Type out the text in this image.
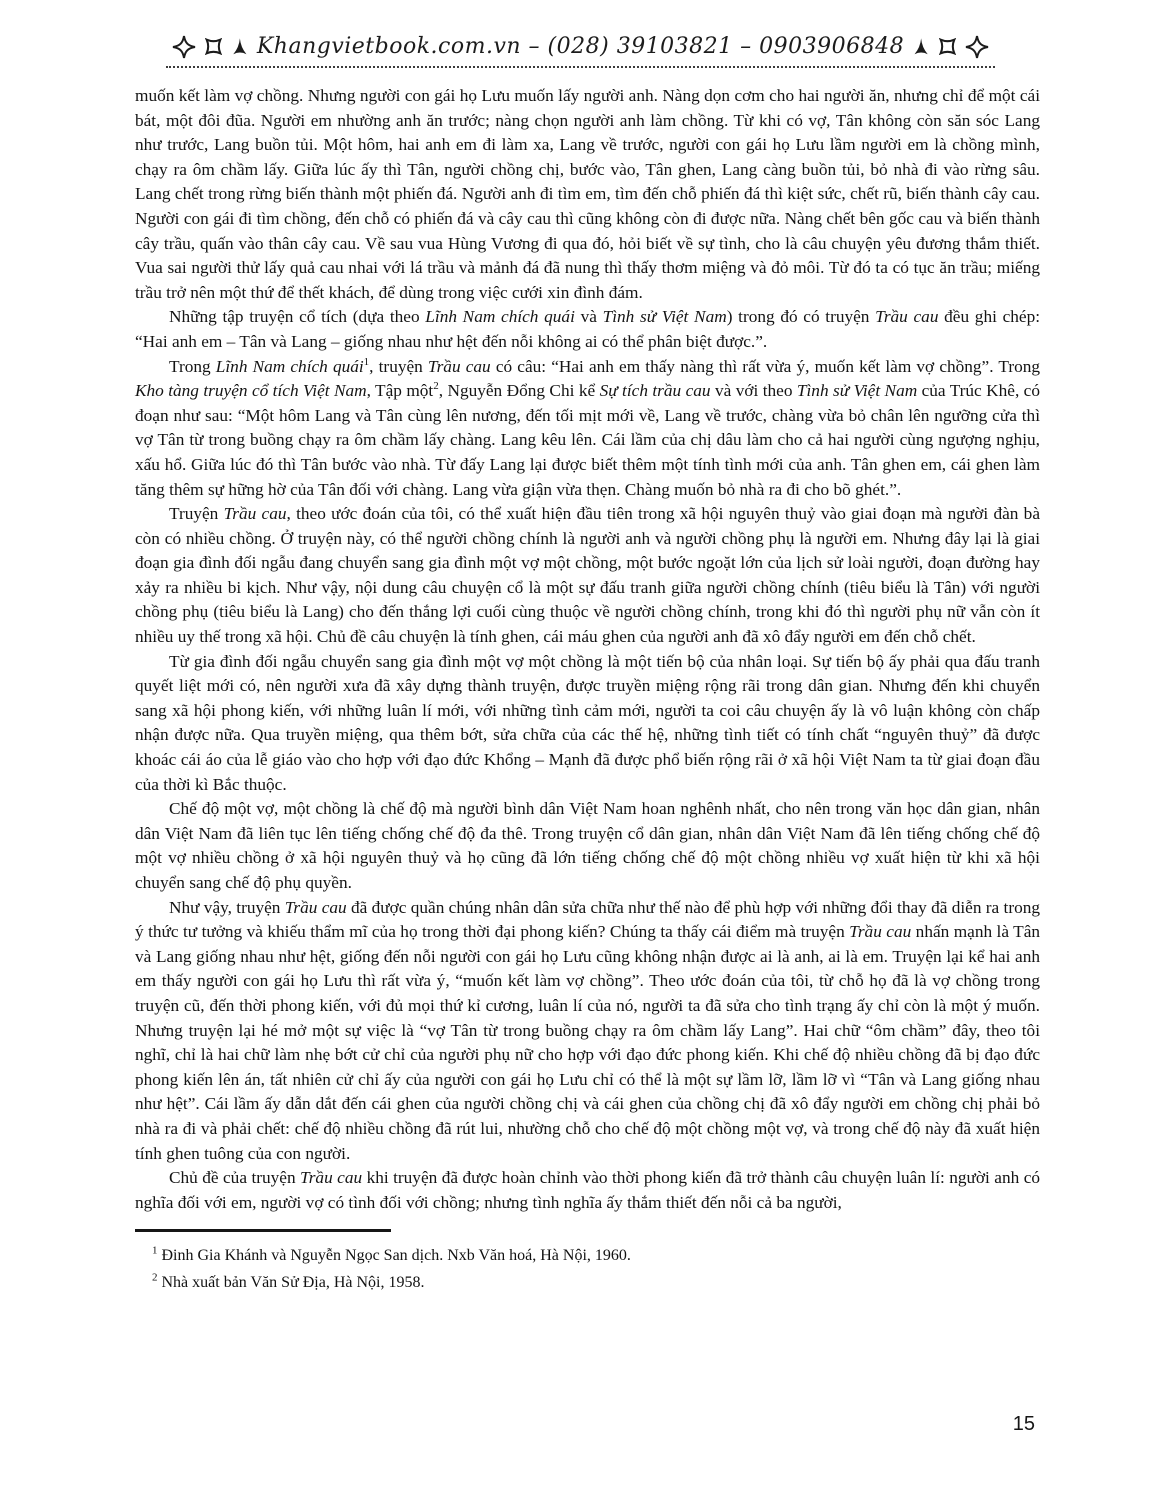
Khangvietbook.com.vn – (028) 39103821 – 0903906848

muốn kết làm vợ chồng. Nhưng người con gái họ Lưu muốn lấy người anh. Nàng dọn cơm cho hai người ăn, nhưng chỉ để một cái bát, một đôi đũa. Người em nhường anh ăn trước; nàng chọn người anh làm chồng. Từ khi có vợ, Tân không còn săn sóc Lang như trước, Lang buồn tủi. Một hôm, hai anh em đi làm xa, Lang về trước, người con gái họ Lưu lầm người em là chồng mình, chạy ra ôm chầm lấy. Giữa lúc ấy thì Tân, người chồng chị, bước vào, Tân ghen, Lang càng buồn tủi, bỏ nhà đi vào rừng sâu. Lang chết trong rừng biến thành một phiến đá. Người anh đi tìm em, tìm đến chỗ phiến đá thì kiệt sức, chết rũ, biến thành cây cau. Người con gái đi tìm chồng, đến chỗ có phiến đá và cây cau thì cũng không còn đi được nữa. Nàng chết bên gốc cau và biến thành cây trầu, quấn vào thân cây cau. Về sau vua Hùng Vương đi qua đó, hỏi biết về sự tình, cho là câu chuyện yêu đương thắm thiết. Vua sai người thử lấy quả cau nhai với lá trầu và mảnh đá đã nung thì thấy thơm miệng và đỏ môi. Từ đó ta có tục ăn trầu; miếng trầu trở nên một thứ để thết khách, để dùng trong việc cưới xin đình đám.

Những tập truyện cổ tích (dựa theo Lĩnh Nam chích quái và Tình sử Việt Nam) trong đó có truyện Trầu cau đều ghi chép: “Hai anh em – Tân và Lang – giống nhau như hệt đến nỗi không ai có thể phân biệt được.”.

Trong Lĩnh Nam chích quái$^1$, truyện Trầu cau có câu: “Hai anh em thấy nàng thì rất vừa ý, muốn kết làm vợ chồng”. Trong Kho tàng truyện cổ tích Việt Nam, Tập một$^2$, Nguyễn Đổng Chi kể Sự tích trầu cau và với theo Tình sử Việt Nam của Trúc Khê, có đoạn như sau: “Một hôm Lang và Tân cùng lên nương, đến tối mịt mới về, Lang về trước, chàng vừa bỏ chân lên ngưỡng cửa thì vợ Tân từ trong buồng chạy ra ôm chầm lấy chàng. Lang kêu lên. Cái lầm của chị dâu làm cho cả hai người cùng ngượng nghịu, xấu hổ. Giữa lúc đó thì Tân bước vào nhà. Từ đấy Lang lại được biết thêm một tính tình mới của anh. Tân ghen em, cái ghen làm tăng thêm sự hững hờ của Tân đối với chàng. Lang vừa giận vừa thẹn. Chàng muốn bỏ nhà ra đi cho bõ ghét.”.

Truyện Trầu cau, theo ước đoán của tôi, có thể xuất hiện đầu tiên trong xã hội nguyên thuỷ vào giai đoạn mà người đàn bà còn có nhiều chồng. Ở truyện này, có thể người chồng chính là người anh và người chồng phụ là người em. Nhưng đây lại là giai đoạn gia đình đối ngẫu đang chuyển sang gia đình một vợ một chồng, một bước ngoặt lớn của lịch sử loài người, đoạn đường hay xảy ra nhiều bi kịch. Như vậy, nội dung câu chuyện cổ là một sự đấu tranh giữa người chồng chính (tiêu biểu là Tân) với người chồng phụ (tiêu biểu là Lang) cho đến thắng lợi cuối cùng thuộc về người chồng chính, trong khi đó thì người phụ nữ vẫn còn ít nhiều uy thế trong xã hội. Chủ đề câu chuyện là tính ghen, cái máu ghen của người anh đã xô đẩy người em đến chỗ chết.

Từ gia đình đối ngẫu chuyển sang gia đình một vợ một chồng là một tiến bộ của nhân loại. Sự tiến bộ ấy phải qua đấu tranh quyết liệt mới có, nên người xưa đã xây dựng thành truyện, được truyền miệng rộng rãi trong dân gian. Nhưng đến khi chuyển sang xã hội phong kiến, với những luân lí mới, với những tình cảm mới, người ta coi câu chuyện ấy là vô luận không còn chấp nhận được nữa. Qua truyền miệng, qua thêm bớt, sửa chữa của các thế hệ, những tình tiết có tính chất “nguyên thuỷ” đã được khoác cái áo của lễ giáo vào cho hợp với đạo đức Khổng – Mạnh đã được phổ biến rộng rãi ở xã hội Việt Nam ta từ giai đoạn đầu của thời kì Bắc thuộc.

Chế độ một vợ, một chồng là chế độ mà người bình dân Việt Nam hoan nghênh nhất, cho nên trong văn học dân gian, nhân dân Việt Nam đã liên tục lên tiếng chống chế độ đa thê. Trong truyện cổ dân gian, nhân dân Việt Nam đã lên tiếng chống chế độ một vợ nhiều chồng ở xã hội nguyên thuỷ và họ cũng đã lớn tiếng chống chế độ một chồng nhiều vợ xuất hiện từ khi xã hội chuyển sang chế độ phụ quyền.

Như vậy, truyện Trầu cau đã được quần chúng nhân dân sửa chữa như thế nào để phù hợp với những đổi thay đã diễn ra trong ý thức tư tưởng và khiếu thẩm mĩ của họ trong thời đại phong kiến? Chúng ta thấy cái điểm mà truyện Trầu cau nhấn mạnh là Tân và Lang giống nhau như hệt, giống đến nỗi người con gái họ Lưu cũng không nhận được ai là anh, ai là em. Truyện lại kể hai anh em thấy người con gái họ Lưu thì rất vừa ý, “muốn kết làm vợ chồng”. Theo ước đoán của tôi, từ chỗ họ đã là vợ chồng trong truyện cũ, đến thời phong kiến, với đủ mọi thứ kỉ cương, luân lí của nó, người ta đã sửa cho tình trạng ấy chỉ còn là một ý muốn. Nhưng truyện lại hé mở một sự việc là “vợ Tân từ trong buồng chạy ra ôm chầm lấy Lang”. Hai chữ “ôm chầm” đây, theo tôi nghĩ, chỉ là hai chữ làm nhẹ bớt cử chỉ của người phụ nữ cho hợp với đạo đức phong kiến. Khi chế độ nhiều chồng đã bị đạo đức phong kiến lên án, tất nhiên cử chỉ ấy của người con gái họ Lưu chỉ có thể là một sự lầm lỡ, lầm lỡ vì “Tân và Lang giống nhau như hệt”. Cái lầm ấy dẫn dắt đến cái ghen của người chồng chị và cái ghen của chồng chị đã xô đẩy người em chồng chị phải bỏ nhà ra đi và phải chết: chế độ nhiều chồng đã rút lui, nhường chỗ cho chế độ một chồng một vợ, và trong chế độ này đã xuất hiện tính ghen tuông của con người.

Chủ đề của truyện Trầu cau khi truyện đã được hoàn chỉnh vào thời phong kiến đã trở thành câu chuyện luân lí: người anh có nghĩa đối với em, người vợ có tình đối với chồng; nhưng tình nghĩa ấy thắm thiết đến nỗi cả ba người,

$^1$ Đinh Gia Khánh và Nguyễn Ngọc San dịch. Nxb Văn hoá, Hà Nội, 1960.
$^2$ Nhà xuất bản Văn Sử Địa, Hà Nội, 1958.
15
